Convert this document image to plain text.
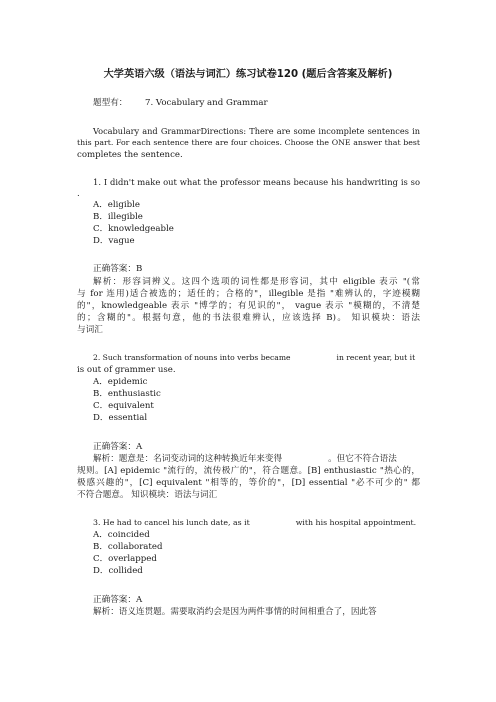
大学英语六级（语法与词汇）练习试卷120 (题后含答案及解析)
题型有： 7. Vocabulary and Grammar
Vocabulary and GrammarDirections: There are some incomplete sentences in
this part. For each sentence there are four choices. Choose the ONE answer that best
completes the sentence.
1. I didn't make out what the professor means because his handwriting is so
.
A．eligible
B．illegible
C．knowledgeable
D．vague
正确答案：B
解析：形容词辨义。这四个选项的词性都是形容词，其中 eligible 表示 "(常
与 for 连用)适合被选的；适任的；合格的"，illegible 是指 "难辨认的，字迹模糊
的"，knowledgeable 表示 "博学的；有见识的"， vague 表示 "模糊的，不清楚
的；含糊的"。根据句意，他的书法很难辨认，应该选择 B)。 知识模块：语法
与词汇
2. Such transformation of nouns into verbs became	in recent year, but it
is out of grammer use.
A．epidemic
B．enthusiastic
C．equivalent
D．essential
正确答案：A
解析：题意是：名词变动词的这种转换近年来变得	。但它不符合语法
规则。[A] epidemic "流行的，流传极广的"，符合题意。[B] enthusiastic "热心的，
极感兴趣的"，[C] equivalent "相等的，等价的"，[D] essential "必不可少的" 都
不符合题意。 知识模块：语法与词汇
3. He had to cancel his lunch date, as it	with his hospital appointment.
A．coincided
B．collaborated
C．overlapped
D．collided
正确答案：A
解析：语义连贯题。需要取消约会是因为两件事情的时间相重合了，因此答
